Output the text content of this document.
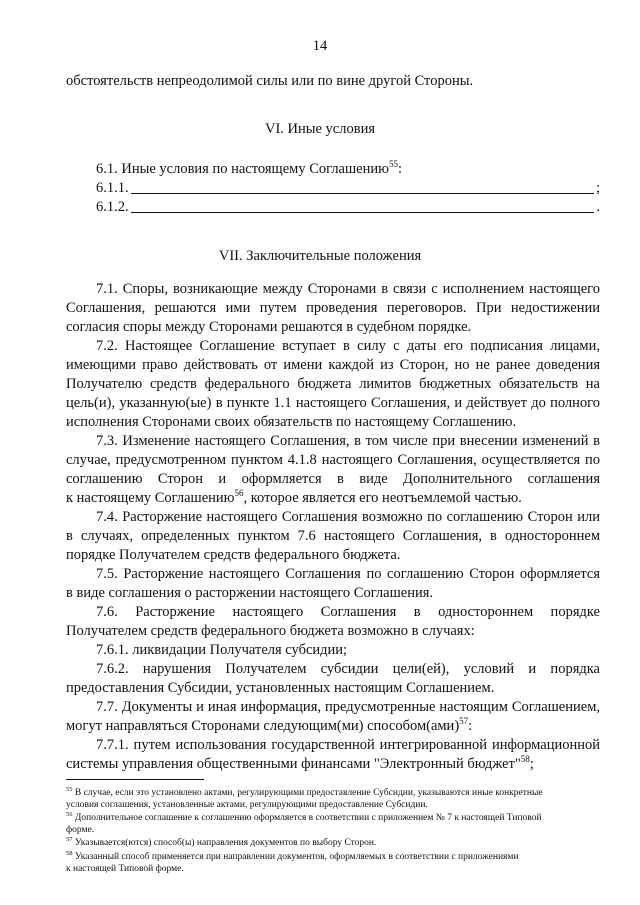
14
обстоятельств непреодолимой силы или по вине другой Стороны.
VI. Иные условия
6.1. Иные условия по настоящему Соглашению$^{55}$:
6.1.1.	;
6.1.2.	.
VII. Заключительные положения
7.1. Споры, возникающие между Сторонами в связи с исполнением настоящего
Соглашения, решаются ими путем проведения переговоров. При недостижении
согласия споры между Сторонами решаются в судебном порядке.
7.2. Настоящее Соглашение вступает в силу с даты его подписания лицами,
имеющими право действовать от имени каждой из Сторон, но не ранее доведения
Получателю средств федерального бюджета лимитов бюджетных обязательств на
цель(и), указанную(ые) в пункте 1.1 настоящего Соглашения, и действует до полного
исполнения Сторонами своих обязательств по настоящему Соглашению.
7.3. Изменение настоящего Соглашения, в том числе при внесении изменений в
случае, предусмотренном пунктом 4.1.8 настоящего Соглашения, осуществляется по
соглашению Сторон и оформляется в виде Дополнительного соглашения
к настоящему Соглашению$^{56}$, которое является его неотъемлемой частью.
7.4. Расторжение настоящего Соглашения возможно по соглашению Сторон или
в случаях, определенных пунктом 7.6 настоящего Соглашения, в одностороннем
порядке Получателем средств федерального бюджета.
7.5. Расторжение настоящего Соглашения по соглашению Сторон оформляется
в виде соглашения о расторжении настоящего Соглашения.
7.6. Расторжение настоящего Соглашения в одностороннем порядке
Получателем средств федерального бюджета возможно в случаях:
7.6.1. ликвидации Получателя субсидии;
7.6.2. нарушения Получателем субсидии цели(ей), условий и порядка
предоставления Субсидии, установленных настоящим Соглашением.
7.7. Документы и иная информация, предусмотренные настоящим Соглашением,
могут направляться Сторонами следующим(ми) способом(ами)$^{57}$:
7.7.1. путем использования государственной интегрированной информационной
системы управления общественными финансами "Электронный бюджет"$^{58}$;
$^{55}$ В случае, если это установлено актами, регулирующими предоставление Субсидии, указываются иные конкретные
условия соглашения, установленные актами, регулирующими предоставление Субсидии.
$^{56}$ Дополнительное соглашение к соглашению оформляется в соответствии с приложением № 7 к настоящей Типовой
форме.
$^{57}$ Указывается(ются) способ(ы) направления документов по выбору Сторон.
$^{58}$ Указанный способ применяется при направлении документов, оформляемых в соответствии с приложениями
к настоящей Типовой форме.
